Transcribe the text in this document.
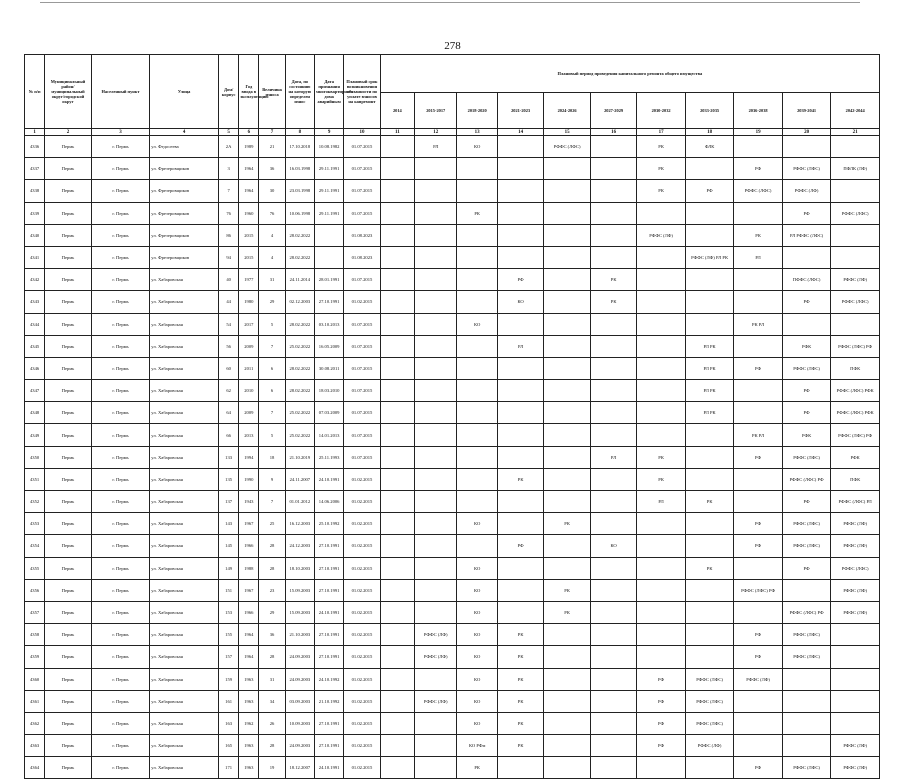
278
№ п/п	Муниципальный район/ муниципальный округ/городской округ	Населенный пункт	Улица	Дом/корпус	Год ввода в эксплуатацию	Величина износа	Дата, по состоянию на которую определен износ	Дата признания многоквартирного дома аварийным	Плановый срок возникновения обязанности по уплате взносов на капремонт	Плановый период проведения капитального ремонта общего имущества										
										2014	2015-2017	2018-2020	2021-2023	2024-2026	2027-2029	2030-2032	2033-2035	2036-2038	2039-2041	2042-2044
1	2	3	4	5	6	7	8	9	10	11	12	13	14	15	16	17	18	19	20	21
4336	Пермь	г. Пермь	ул. Федосеева	2А	1989	21	17.10.2018	10.08.1982	01.07.2015		РЛ	КО		РФФС (ЛФС)		РК	ФЛК			
4337	Пермь	г. Пермь	ул. Фрезеровщиков	3	1964	36	16.03.1998	29.11.1991	01.07.2015							РК		РФ	РФФС (ЛФС)	ПФЛК (ЛФ)
4338	Пермь	г. Пермь	ул. Фрезеровщиков	7	1964	30	23.03.1998	29.11.1991	01.07.2015							РК	РФ	РФФС (ЛФС)	РФФС (ЛФ)	
4339	Пермь	г. Пермь	ул. Фрезеровщиков	76	1960	76	10.06.1998	29.11.1991	01.07.2015			РК							РФ	РФФС (ЛФС)
4340	Пермь	г. Пермь	ул. Фрезеровщиков	86	2015	4	28.02.2022		01.08.2023							РФФС (ЛФ)		РК	РЛ РФФС (ЛФС)	
4341	Пермь	г. Пермь	ул. Фрезеровщиков	94	2015	4	28.02.2022		01.08.2023								РФФС (ЛФ) РЛ РК	РЛ		
4342	Пермь	г. Пермь	ул. Хабаровская	40	1977	31	24.11.2014	28.01.1991	01.07.2015				РФ		РК				ПФФС (ЛФС)	РФФС (ЛФ)
4343	Пермь	г. Пермь	ул. Хабаровская	44	1980	29	02.12.2003	27.10.1991	01.02.2015				КО		РК				РФ	РФФС (ЛФС)
4344	Пермь	г. Пермь	ул. Хабаровская	54	2017	5	28.02.2022	03.10.2013	01.07.2015			КО						РК РЛ		
4345	Пермь	г. Пермь	ул. Хабаровская	56	2009	7	25.02.2022	16.05.2009	01.07.2015				РЛ				РЛ РК		РФК	РФФС (ЛФС) РФ
4346	Пермь	г. Пермь	ул. Хабаровская	60	2011	6	28.02.2022	30.08.2011	01.07.2015								РЛ РК	РФ	РФФС (ЛФС)	ПФК
4347	Пермь	г. Пермь	ул. Хабаровская	62	2010	6	28.02.2022	18.03.2010	01.07.2015								РЛ РК		РФ	РФФС (ЛФС) РФК
4348	Пермь	г. Пермь	ул. Хабаровская	64	2009	7	25.02.2022	07.03.2009	01.07.2015								РЛ РК		РФ	РФФС (ЛФС) РФК
4349	Пермь	г. Пермь	ул. Хабаровская	66	2013	5	25.02.2022	14.01.2013	01.07.2015									РК РЛ	РФК	РФФС (ЛФС) РФ
4350	Пермь	г. Пермь	ул. Хабаровская	133	1994	18	21.10.2019	25.11.1993	01.07.2015						РЛ	РК		РФ	РФФС (ЛФС)	РФК
4351	Пермь	г. Пермь	ул. Хабаровская	135	1990	9	24.11.2007	24.10.1991	01.02.2015				РК			РК			РФФС (ЛФС) РФ	ПФК
4352	Пермь	г. Пермь	ул. Хабаровская	137	1943	7	01.01.2012	14.06.2006	01.02.2015							РЛ	РК		РФ	РФФС (ЛФС) РЛ
4353	Пермь	г. Пермь	ул. Хабаровская	143	1967	25	16.12.2003	25.10.1992	01.02.2015			КО		РК				РФ	РФФС (ЛФС)	РФФС (ЛФ)
4354	Пермь	г. Пермь	ул. Хабаровская	145	1966	28	24.12.2003	27.10.1991	01.02.2015				РФ		КО			РФ	РФФС (ЛФС)	РФФС (ЛФ)
4355	Пермь	г. Пермь	ул. Хабаровская	149	1988	28	18.10.2003	27.10.1991	01.02.2015			КО					РК		РФ	РФФС (ЛФС)
4356	Пермь	г. Пермь	ул. Хабаровская	151	1967	23	15.09.2003	27.10.1991	01.02.2015			КО		РК				РФФС (ЛФС) РФ		РФФС (ЛФ)
4357	Пермь	г. Пермь	ул. Хабаровская	153	1966	29	15.09.2003	24.10.1991	01.02.2015			КО		РК					РФФС (ЛФС) РФ	РФФС (ЛФ)
4358	Пермь	г. Пермь	ул. Хабаровская	155	1964	36	21.10.2003	27.10.1991	01.02.2015		РФФС (ЛФ)	КО	РК					РФ	РФФС (ЛФС)	
4359	Пермь	г. Пермь	ул. Хабаровская	157	1964	28	24.09.2003	27.10.1991	01.02.2015		РФФС (ЛФ)	КО	РК					РФ	РФФС (ЛФС)	
4360	Пермь	г. Пермь	ул. Хабаровская	159	1963	31	24.09.2003	24.10.1992	01.02.2015			КО	РК			РФ	РФФС (ЛФС)	РФФС (ЛФ)		
4361	Пермь	г. Пермь	ул. Хабаровская	161	1963	34	03.09.2003	21.10.1992	01.02.2015		РФФС (ЛФ)	КО	РК			РФ	РФФС (ЛФС)			
4362	Пермь	г. Пермь	ул. Хабаровская	163	1962	26	10.09.2003	27.10.1991	01.02.2015			КО	РК			РФ	РФФС (ЛФС)			
4363	Пермь	г. Пермь	ул. Хабаровская	165	1963	28	24.09.2003	27.10.1991	01.02.2015			КО РФм	РК			РФ	РФФС (ЛФ)			РФФС (ЛФ)
4364	Пермь	г. Пермь	ул. Хабаровская	171	1963	19	18.12.2007	24.10.1991	01.02.2015			РК						РФ	РФФС (ЛФС)	РФФС (ЛФ)
